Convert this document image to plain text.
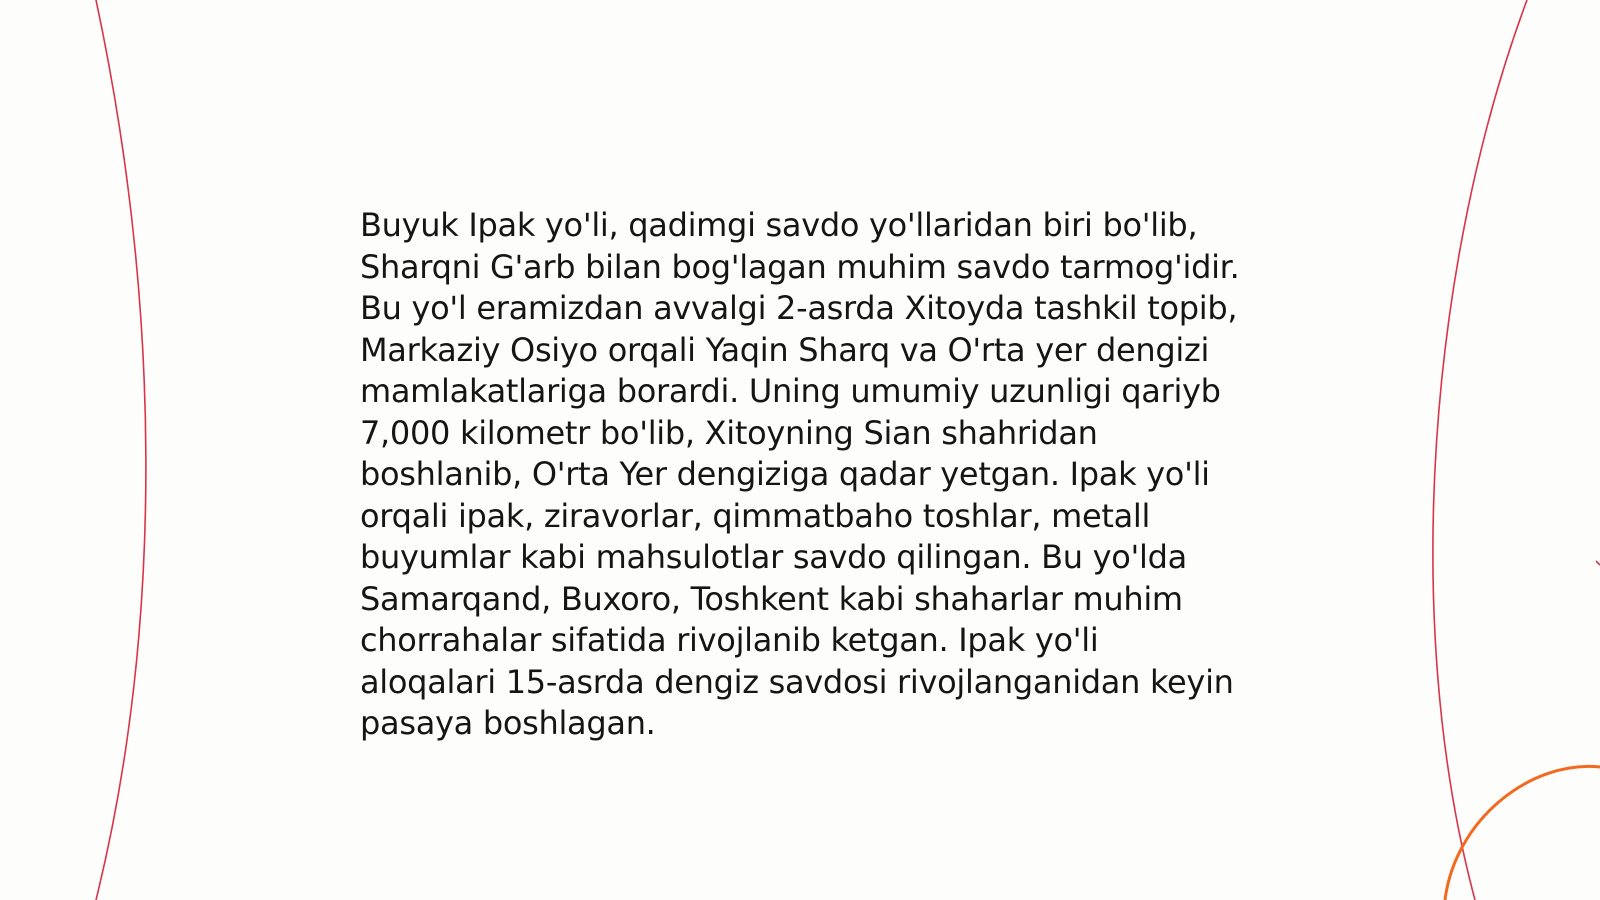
Buyuk Ipak yo'li, qadimgi savdo yo'llaridan biri bo'lib, Sharqni G'arb bilan bog'lagan muhim savdo tarmog'idir. Bu yo'l eramizdan avvalgi 2-asrda Xitoyda tashkil topib, Markaziy Osiyo orqali Yaqin Sharq va O'rta yer dengizi mamlakatlariga borardi. Uning umumiy uzunligi qariyb 7,000 kilometr bo'lib, Xitoyning Sian shahridan boshlanib, O'rta Yer dengiziga qadar yetgan. Ipak yo'li orqali ipak, ziravorlar, qimmatbaho toshlar, metall buyumlar kabi mahsulotlar savdo qilingan. Bu yo'lda Samarqand, Buxoro, Toshkent kabi shaharlar muhim chorrahalar sifatida rivojlanib ketgan. Ipak yo'li aloqalari 15-asrda dengiz savdosi rivojlanganidan keyin pasaya boshlagan.
